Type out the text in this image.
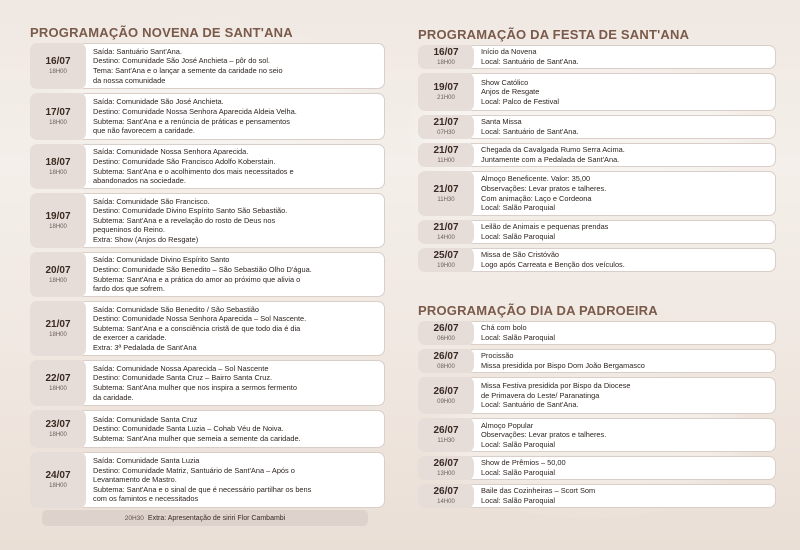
PROGRAMAÇÃO NOVENA DE SANT'ANA
16/07
18H00
Saída: Santuário Sant'Ana.
Destino: Comunidade São José Anchieta – pôr do sol.
Tema: Sant'Ana e o lançar a semente da caridade no seio
da nossa comunidade
17/07
18H00
Saída: Comunidade São José Anchieta.
Destino: Comunidade Nossa Senhora Aparecida Aldeia Velha.
Subtema: Sant'Ana e a renúncia de práticas e pensamentos
que não favorecem a caridade.
18/07
18H00
Saída: Comunidade Nossa Senhora Aparecida.
Destino: Comunidade São Francisco Adolfo Koberstain.
Subtema: Sant'Ana e o acolhimento dos mais necessitados e
abandonados na sociedade.
19/07
18H00
Saída: Comunidade São Francisco.
Destino: Comunidade Divino Espírito Santo São Sebastião.
Subtema: Sant'Ana e a revelação do rosto de Deus nos
pequeninos do Reino.
Extra: Show (Anjos do Resgate)
20/07
18H00
Saída: Comunidade Divino Espírito Santo
Destino: Comunidade São Benedito – São Sebastião Olho D'água.
Subtema: Sant'Ana e a prática do amor ao próximo que alivia o
fardo dos que sofrem.
21/07
18H00
Saída: Comunidade São Benedito / São Sebastião
Destino: Comunidade Nossa Senhora Aparecida – Sol Nascente.
Subtema: Sant'Ana e a consciência cristã de que todo dia é dia
de exercer a caridade.
Extra: 3ª Pedalada de Sant'Ana
22/07
18H00
Saída: Comunidade Nossa Aparecida – Sol Nascente
Destino: Comunidade Santa Cruz – Bairro Santa Cruz.
Subtema: Sant'Ana mulher que nos inspira a sermos fermento
da caridade.
23/07
18H00
Saída: Comunidade Santa Cruz
Destino: Comunidade Santa Luzia – Cohab Véu de Noiva.
Subtema: Sant'Ana mulher que semeia a semente da caridade.
24/07
18H00
Saída: Comunidade Santa Luzia
Destino: Comunidade Matriz, Santuário de Sant'Ana – Após o
Levantamento de Mastro.
Subtema: Sant'Ana e o sinal de que é necessário partilhar os bens
com os famintos e necessitados
20H30 Extra: Apresentação de siriri Flor Cambambi
PROGRAMAÇÃO DA FESTA DE SANT'ANA
16/07
18H00
Início da Novena
Local: Santuário de Sant'Ana.
19/07
21H00
Show Católico
Anjos de Resgate
Local: Palco de Festival
21/07
07H30
Santa Missa
Local: Santuário de Sant'Ana.
21/07
11H00
Chegada da Cavalgada Rumo Serra Acima.
Juntamente com a Pedalada de Sant'Ana.
21/07
11H30
Almoço Beneficente. Valor: 35,00
Observações: Levar pratos e talheres.
Com animação: Laço e Cordeona
Local: Salão Paroquial
21/07
14H00
Leilão de Animais e pequenas prendas
Local: Salão Paroquial
25/07
19H00
Missa de São Cristóvão
Logo após Carreata e Benção dos veículos.
PROGRAMAÇÃO DIA DA PADROEIRA
26/07
06H00
Chá com bolo
Local: Salão Paroquial
26/07
08H00
Procissão
Missa presidida por Bispo Dom João Bergamasco
26/07
09H00
Missa Festiva presidida por Bispo da Diocese
de Primavera do Leste/ Paranatinga
Local: Santuário de Sant'Ana.
26/07
11H30
Almoço Popular
Observações: Levar pratos e talheres.
Local: Salão Paroquial
26/07
13H00
Show de Prêmios – 50,00
Local: Salão Paroquial
26/07
14H00
Baile das Cozinheiras – Scort Som
Local: Salão Paroquial
